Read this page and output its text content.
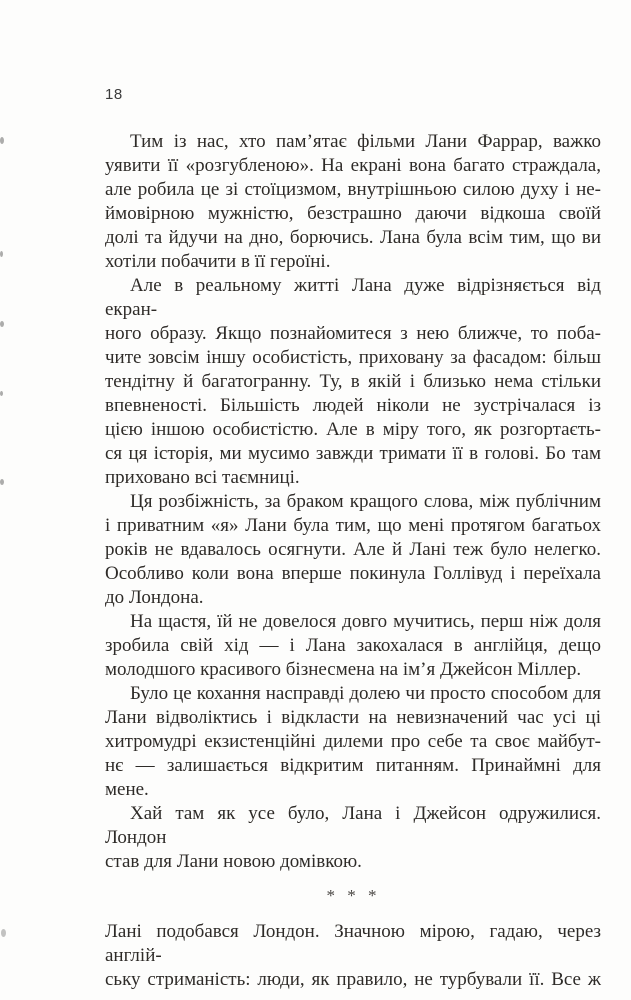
18
Тим із нас, хто пам’ятає фільми Лани Фаррар, важко
уявити її «розгубленою». На екрані вона багато страждала,
але робила це зі стоїцизмом, внутрішньою силою духу і не-
ймовірною мужністю, безстрашно даючи відкоша своїй
долі та йдучи на дно, борючись. Лана була всім тим, що ви
хотіли побачити в її героїні.
Але в реальному житті Лана дуже відрізняється від екран-
ного образу. Якщо познайомитеся з нею ближче, то поба-
чите зовсім іншу особистість, приховану за фасадом: більш
тендітну й багатогранну. Ту, в якій і близько нема стільки
впевненості. Більшість людей ніколи не зустрічалася із
цією іншою особистістю. Але в міру того, як розгортаєть-
ся ця історія, ми мусимо завжди тримати її в голові. Бо там
приховано всі таємниці.
Ця розбіжність, за браком кращого слова, між публічним
і приватним «я» Лани була тим, що мені протягом багатьох
років не вдавалось осягнути. Але й Лані теж було нелегко.
Особливо коли вона вперше покинула Голлівуд і переїхала
до Лондона.
На щастя, їй не довелося довго мучитись, перш ніж доля
зробила свій хід — і Лана закохалася в англійця, дещо
молодшого красивого бізнесмена на ім’я Джейсон Міллер.
Було це кохання насправді долею чи просто способом для
Лани відволіктись і відкласти на невизначений час усі ці
хитромудрі екзистенційні дилеми про себе та своє майбут-
нє — залишається відкритим питанням. Принаймні для мене.
Хай там як усе було, Лана і Джейсон одружилися. Лондон
став для Лани новою домівкою.
* * *
Лані подобався Лондон. Значною мірою, гадаю, через англій-
ську стриманість: люди, як правило, не турбували її. Все ж
